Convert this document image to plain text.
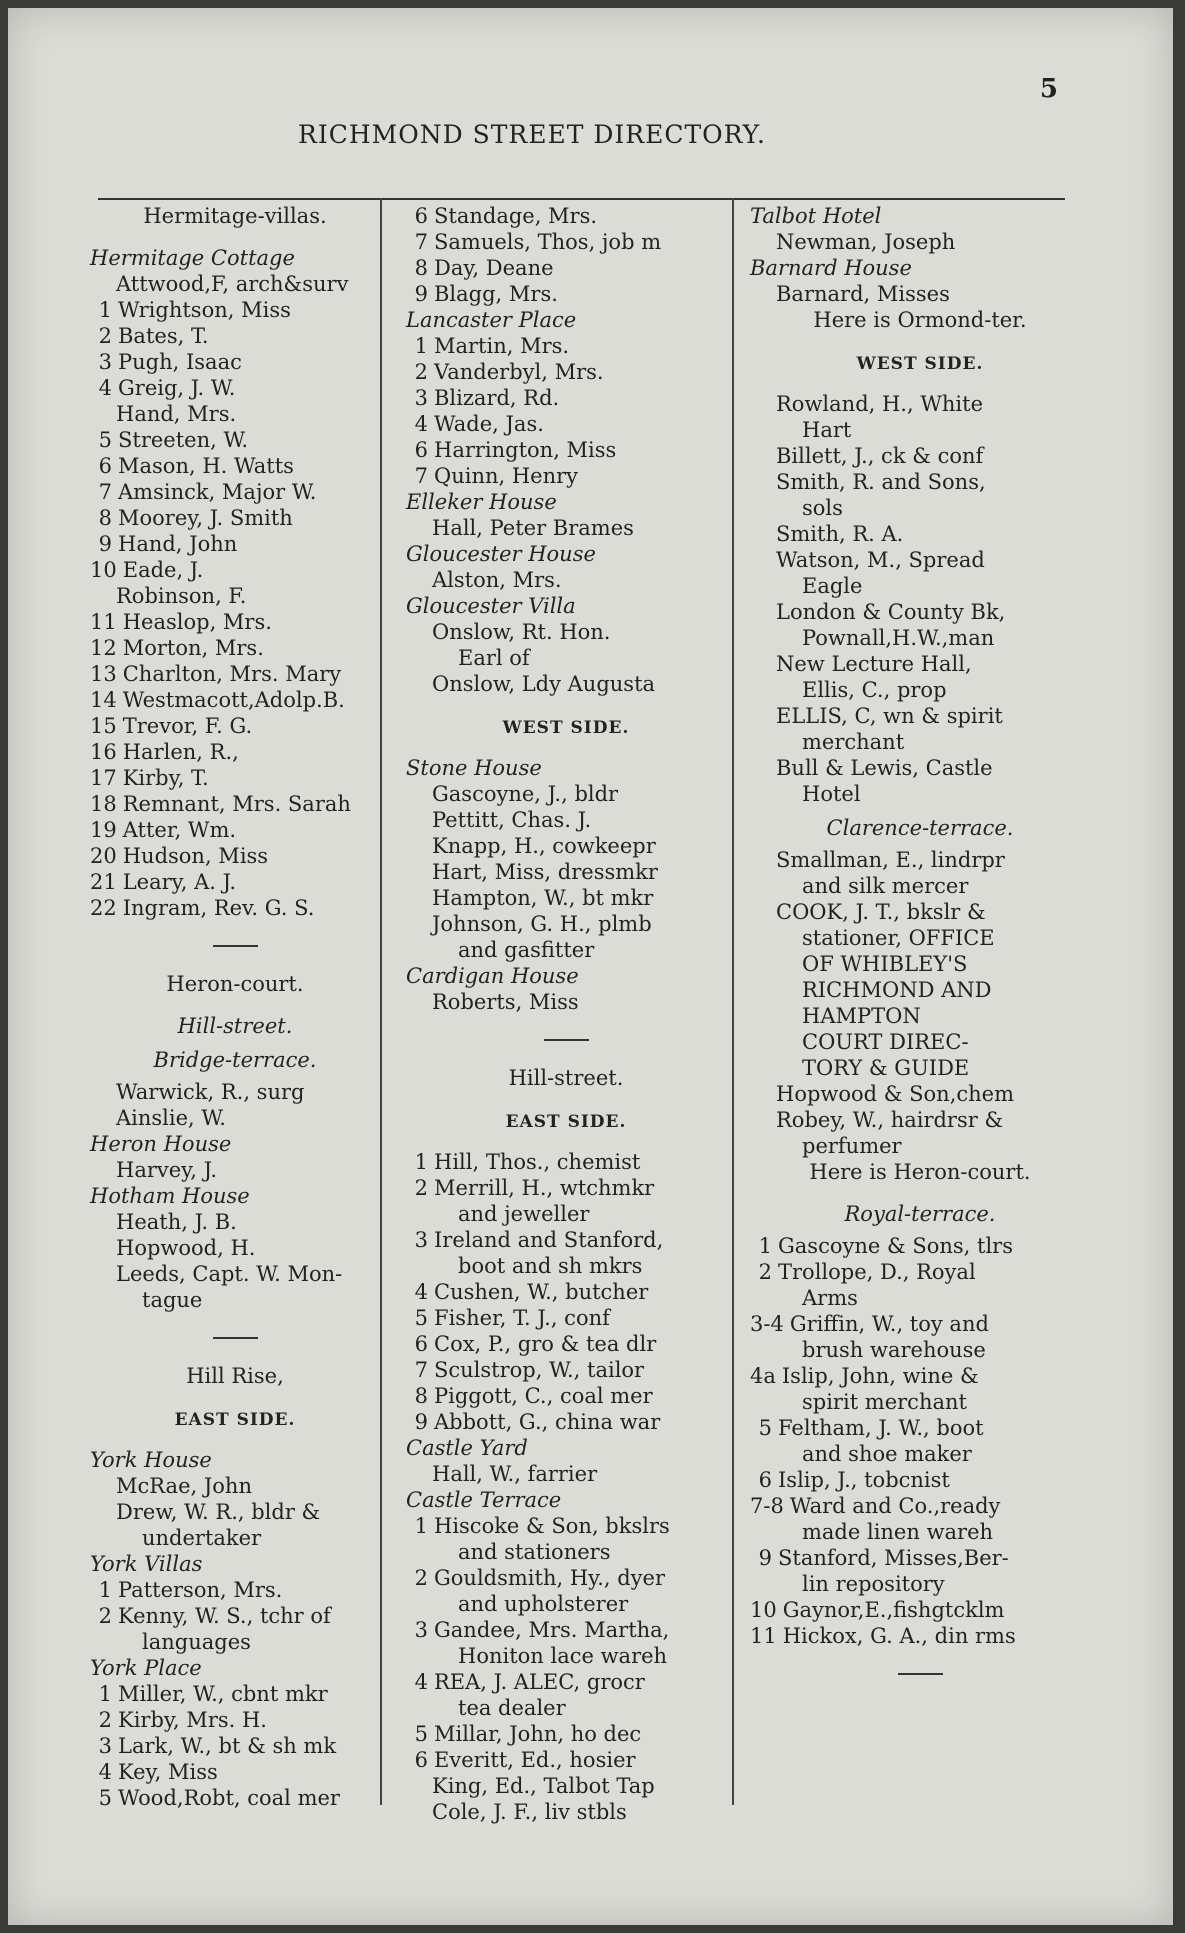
RICHMOND STREET DIRECTORY.
5
Hermitage-villas.
Hermitage Cottage
Attwood,F, arch&surv
1 Wrightson, Miss
2 Bates, T.
3 Pugh, Isaac
4 Greig, J. W.
Hand, Mrs.
5 Streeten, W.
6 Mason, H. Watts
7 Amsinck, Major W.
8 Moorey, J. Smith
9 Hand, John
10 Eade, J.
Robinson, F.
11 Heaslop, Mrs.
12 Morton, Mrs.
13 Charlton, Mrs. Mary
14 Westmacott,Adolp.B.
15 Trevor, F. G.
16 Harlen, R.,
17 Kirby, T.
18 Remnant, Mrs. Sarah
19 Atter, Wm.
20 Hudson, Miss
21 Leary, A. J.
22 Ingram, Rev. G. S.
Heron-court.
Hill-street.
Bridge-terrace.
Warwick, R., surg
Ainslie, W.
Heron House
Harvey, J.
Hotham House
Heath, J. B.
Hopwood, H.
Leeds, Capt. W. Mon-
tague
Hill Rise,
EAST SIDE.
York House
McRae, John
Drew, W. R., bldr &
undertaker
York Villas
1 Patterson, Mrs.
2 Kenny, W. S., tchr of
languages
York Place
1 Miller, W., cbnt mkr
2 Kirby, Mrs. H.
3 Lark, W., bt & sh mk
4 Key, Miss
5 Wood,Robt, coal mer
6 Standage, Mrs.
7 Samuels, Thos, job m
8 Day, Deane
9 Blagg, Mrs.
Lancaster Place
1 Martin, Mrs.
2 Vanderbyl, Mrs.
3 Blizard, Rd.
4 Wade, Jas.
6 Harrington, Miss
7 Quinn, Henry
Elleker House
Hall, Peter Brames
Gloucester House
Alston, Mrs.
Gloucester Villa
Onslow, Rt. Hon.
Earl of
Onslow, Ldy Augusta
WEST SIDE.
Stone House
Gascoyne, J., bldr
Pettitt, Chas. J.
Knapp, H., cowkeepr
Hart, Miss, dressmkr
Hampton, W., bt mkr
Johnson, G. H., plmb
and gasfitter
Cardigan House
Roberts, Miss
Hill-street.
EAST SIDE.
1 Hill, Thos., chemist
2 Merrill, H., wtchmkr
and jeweller
3 Ireland and Stanford,
boot and sh mkrs
4 Cushen, W., butcher
5 Fisher, T. J., conf
6 Cox, P., gro & tea dlr
7 Sculstrop, W., tailor
8 Piggott, C., coal mer
9 Abbott, G., china war
Castle Yard
Hall, W., farrier
Castle Terrace
1 Hiscoke & Son, bkslrs
and stationers
2 Gouldsmith, Hy., dyer
and upholsterer
3 Gandee, Mrs. Martha,
Honiton lace wareh
4 REA, J. ALEC, grocr
tea dealer
5 Millar, John, ho dec
6 Everitt, Ed., hosier
King, Ed., Talbot Tap
Cole, J. F., liv stbls
Talbot Hotel
Newman, Joseph
Barnard House
Barnard, Misses
Here is Ormond-ter.
WEST SIDE.
Rowland, H., White
Hart
Billett, J., ck & conf
Smith, R. and Sons,
sols
Smith, R. A.
Watson, M., Spread
Eagle
London & County Bk,
Pownall,H.W.,man
New Lecture Hall,
Ellis, C., prop
ELLIS, C, wn & spirit
merchant
Bull & Lewis, Castle
Hotel
Clarence-terrace.
Smallman, E., lindrpr
and silk mercer
COOK, J. T., bkslr &
stationer, OFFICE
OF WHIBLEY'S
RICHMOND AND
HAMPTON
COURT DIREC-
TORY & GUIDE
Hopwood & Son,chem
Robey, W., hairdrsr &
perfumer
Here is Heron-court.
Royal-terrace.
1 Gascoyne & Sons, tlrs
2 Trollope, D., Royal
Arms
3-4 Griffin, W., toy and
brush warehouse
4a Islip, John, wine &
spirit merchant
5 Feltham, J. W., boot
and shoe maker
6 Islip, J., tobcnist
7-8 Ward and Co.,ready
made linen wareh
9 Stanford, Misses,Ber-
lin repository
10 Gaynor,E.,fishgtcklm
11 Hickox, G. A., din rms
